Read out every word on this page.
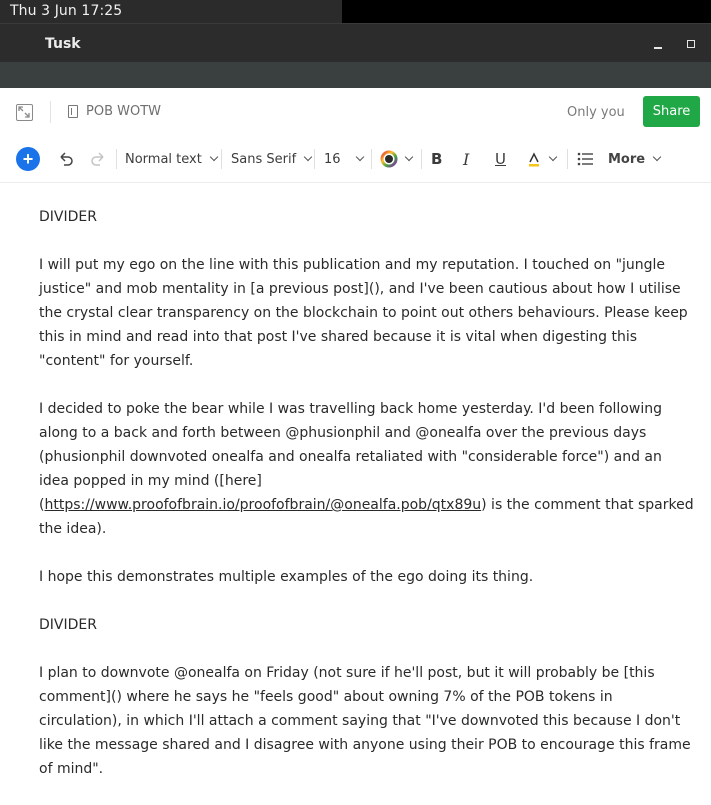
Thu 3 Jun 17:25
Tusk
POB WOTW	Only you	Share
+	Normal text Sans Serif 16	B I U	More

DIVIDER

I will put my ego on the line with this publication and my reputation. I touched on "jungle justice" and mob mentality in [a previous post](), and I've been cautious about how I utilise the crystal clear transparency on the blockchain to point out others behaviours. Please keep this in mind and read into that post I've shared because it is vital when digesting this "content" for yourself.

I decided to poke the bear while I was travelling back home yesterday. I'd been following along to a back and forth between @phusionphil and @onealfa over the previous days (phusionphil downvoted onealfa and onealfa retaliated with "considerable force") and an idea popped in my mind ([here](https://www.proofofbrain.io/proofofbrain/@onealfa.pob/qtx89u) is the comment that sparked the idea).

I hope this demonstrates multiple examples of the ego doing its thing.

DIVIDER

I plan to downvote @onealfa on Friday (not sure if he'll post, but it will probably be [this comment]() where he says he "feels good" about owning 7% of the POB tokens in circulation), in which I'll attach a comment saying that "I've downvoted this because I don't like the message shared and I disagree with anyone using their POB to encourage this frame of mind".
